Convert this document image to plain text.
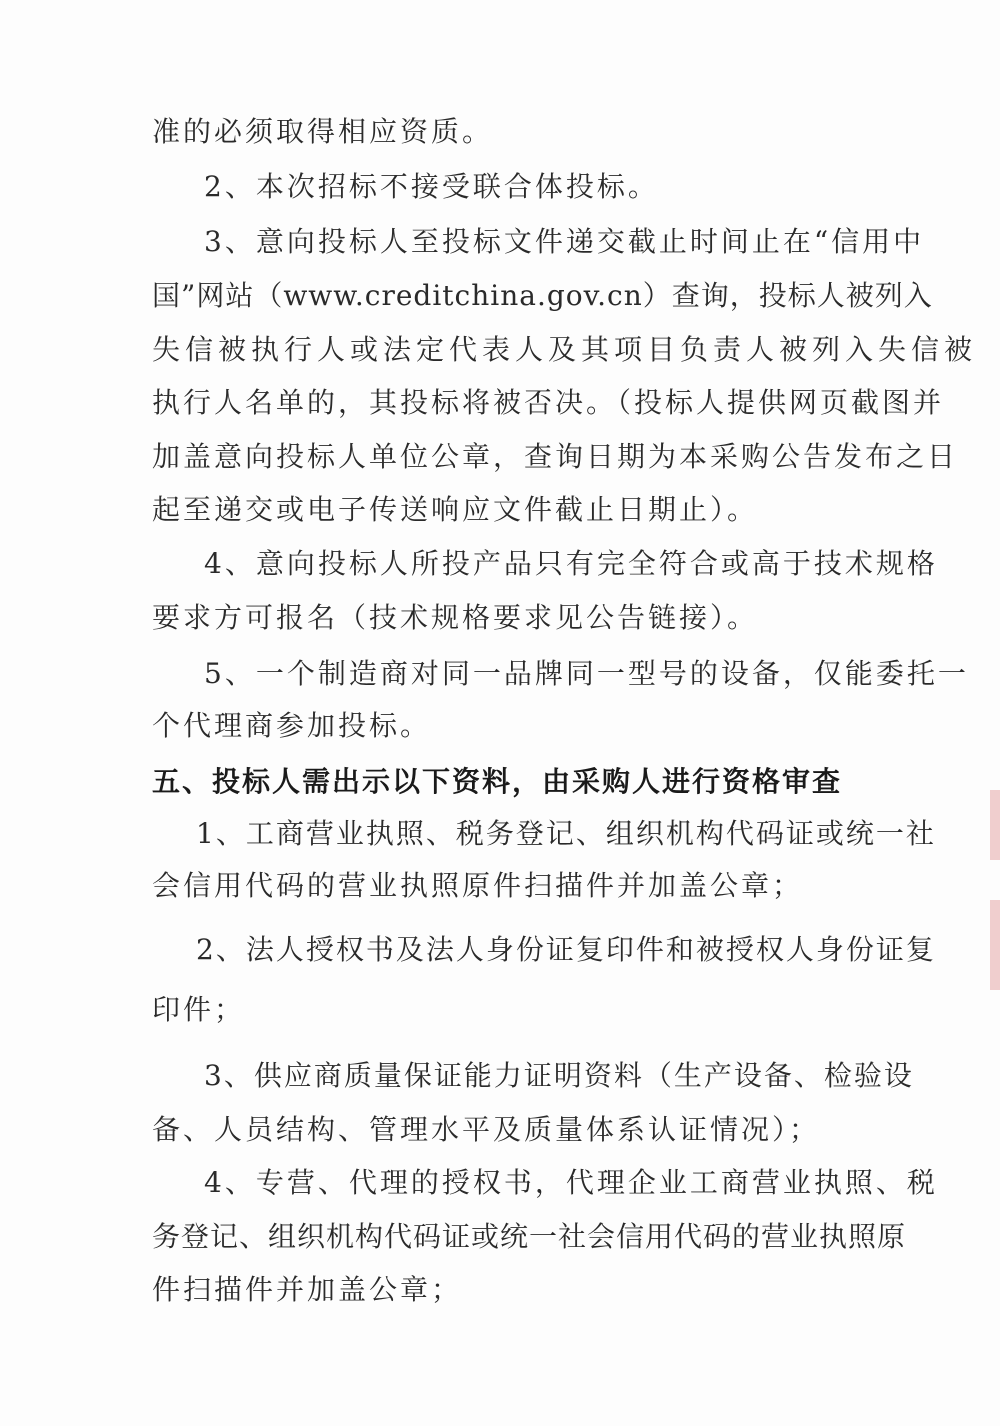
准的必须取得相应资质。
2、本次招标不接受联合体投标。
3、意向投标人至投标文件递交截止时间止在“信用中
国”网站（www.creditchina.gov.cn）查询，投标人被列入
失信被执行人或法定代表人及其项目负责人被列入失信被
执行人名单的，其投标将被否决。（投标人提供网页截图并
加盖意向投标人单位公章，查询日期为本采购公告发布之日
起至递交或电子传送响应文件截止日期止）。
4、意向投标人所投产品只有完全符合或高于技术规格
要求方可报名（技术规格要求见公告链接）。
5、一个制造商对同一品牌同一型号的设备，仅能委托一
个代理商参加投标。
五、投标人需出示以下资料，由采购人进行资格审查
1、工商营业执照、税务登记、组织机构代码证或统一社
会信用代码的营业执照原件扫描件并加盖公章；
2、法人授权书及法人身份证复印件和被授权人身份证复
印件；
3、供应商质量保证能力证明资料（生产设备、检验设
备、人员结构、管理水平及质量体系认证情况）；
4、专营、代理的授权书，代理企业工商营业执照、税
务登记、组织机构代码证或统一社会信用代码的营业执照原
件扫描件并加盖公章；
